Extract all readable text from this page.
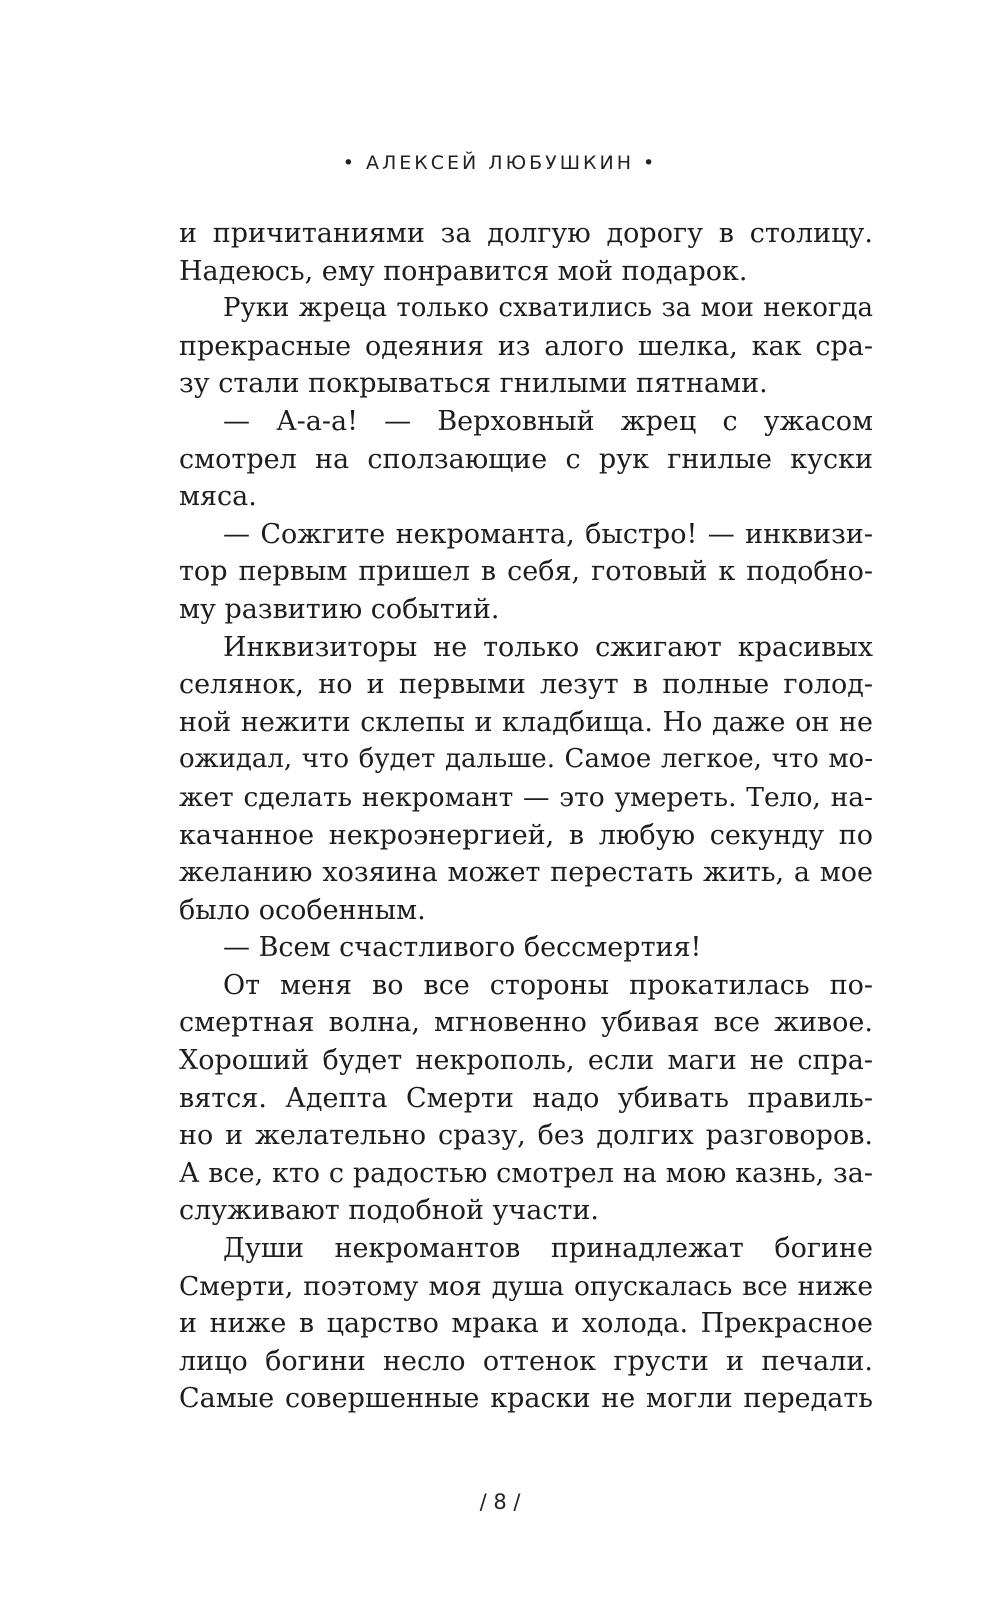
• АЛЕКСЕЙ ЛЮБУШКИН •
и причитаниями за долгую дорогу в столицу.
Надеюсь, ему понравится мой подарок.
Руки жреца только схватились за мои некогда
прекрасные одеяния из алого шелка, как сра-
зу стали покрываться гнилыми пятнами.
— А-а-а! — Верховный жрец с ужасом
смотрел на сползающие с рук гнилые куски
мяса.
— Сожгите некроманта, быстро! — инквизи-
тор первым пришел в себя, готовый к подобно-
му развитию событий.
Инквизиторы не только сжигают красивых
селянок, но и первыми лезут в полные голод-
ной нежити склепы и кладбища. Но даже он не
ожидал, что будет дальше. Самое легкое, что мо-
жет сделать некромант — это умереть. Тело, на-
качанное некроэнергией, в любую секунду по
желанию хозяина может перестать жить, а мое
было особенным.
— Всем счастливого бессмертия!
От меня во все стороны прокатилась по-
смертная волна, мгновенно убивая все живое.
Хороший будет некрополь, если маги не спра-
вятся. Адепта Смерти надо убивать правиль-
но и желательно сразу, без долгих разговоров.
А все, кто с радостью смотрел на мою казнь, за-
служивают подобной участи.
Души некромантов принадлежат богине
Смерти, поэтому моя душа опускалась все ниже
и ниже в царство мрака и холода. Прекрасное
лицо богини несло оттенок грусти и печали.
Самые совершенные краски не могли передать
/ 8 /
